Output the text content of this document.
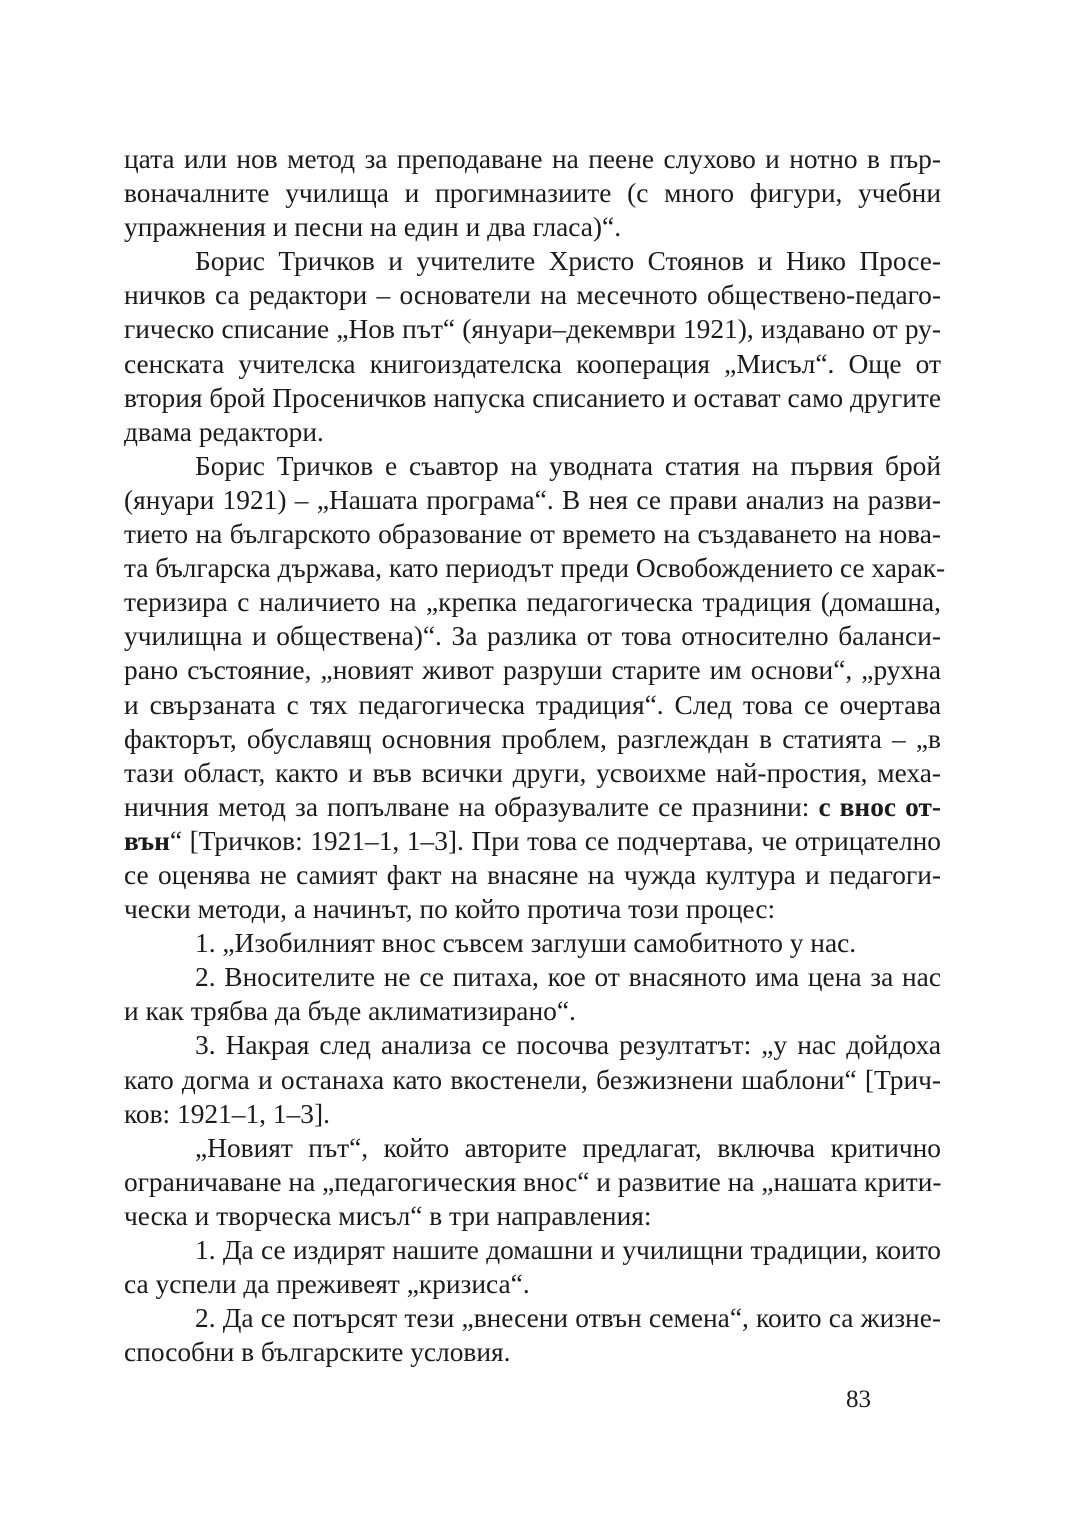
цата или нов метод за преподаване на пеене слухово и нотно в пър-
воначалните училища и прогимназиите (с много фигури, учебни
упражнения и песни на един и два гласа)“.
Борис Тричков и учителите Христо Стоянов и Нико Просе-
ничков са редактори – основатели на месечното обществено-педаго-
гическо списание „Нов път“ (януари–декември 1921), издавано от ру-
сенската учителска книгоиздателска кооперация „Мисъл“. Още от
втория брой Просеничков напуска списанието и остават само другите
двама редактори.
Борис Тричков е съавтор на уводната статия на първия брой
(януари 1921) – „Нашата програма“. В нея се прави анализ на разви-
тието на българското образование от времето на създаването на нова-
та българска държава, като периодът преди Освобождението се харак-
теризира с наличието на „крепка педагогическа традиция (домашна,
училищна и обществена)“. За разлика от това относително баланси-
рано състояние, „новият живот разруши старите им основи“, „рухна
и свързаната с тях педагогическа традиция“. След това се очертава
факторът, обуславящ основния проблем, разглеждан в статията – „в
тази област, както и във всички други, усвоихме най-простия, меха-
ничния метод за попълване на образувалите се празнини: с внос от-
вън“ [Тричков: 1921–1, 1–3]. При това се подчертава, че отрицателно
се оценява не самият факт на внасяне на чужда култура и педагоги-
чески методи, а начинът, по който протича този процес:
1. „Изобилният внос съвсем заглуши самобитното у нас.
2. Вносителите не се питаха, кое от внасяното има цена за нас
и как трябва да бъде аклиматизирано“.
3. Накрая след анализа се посочва резултатът: „у нас дойдоха
като догма и останаха като вкостенели, безжизнени шаблони“ [Трич-
ков: 1921–1, 1–3].
„Новият път“, който авторите предлагат, включва критично
ограничаване на „педагогическия внос“ и развитие на „нашата крити-
ческа и творческа мисъл“ в три направления:
1. Да се издирят нашите домашни и училищни традиции, които
са успели да преживеят „кризиса“.
2. Да се потърсят тези „внесени отвън семена“, които са жизне-
способни в българските условия.
83
